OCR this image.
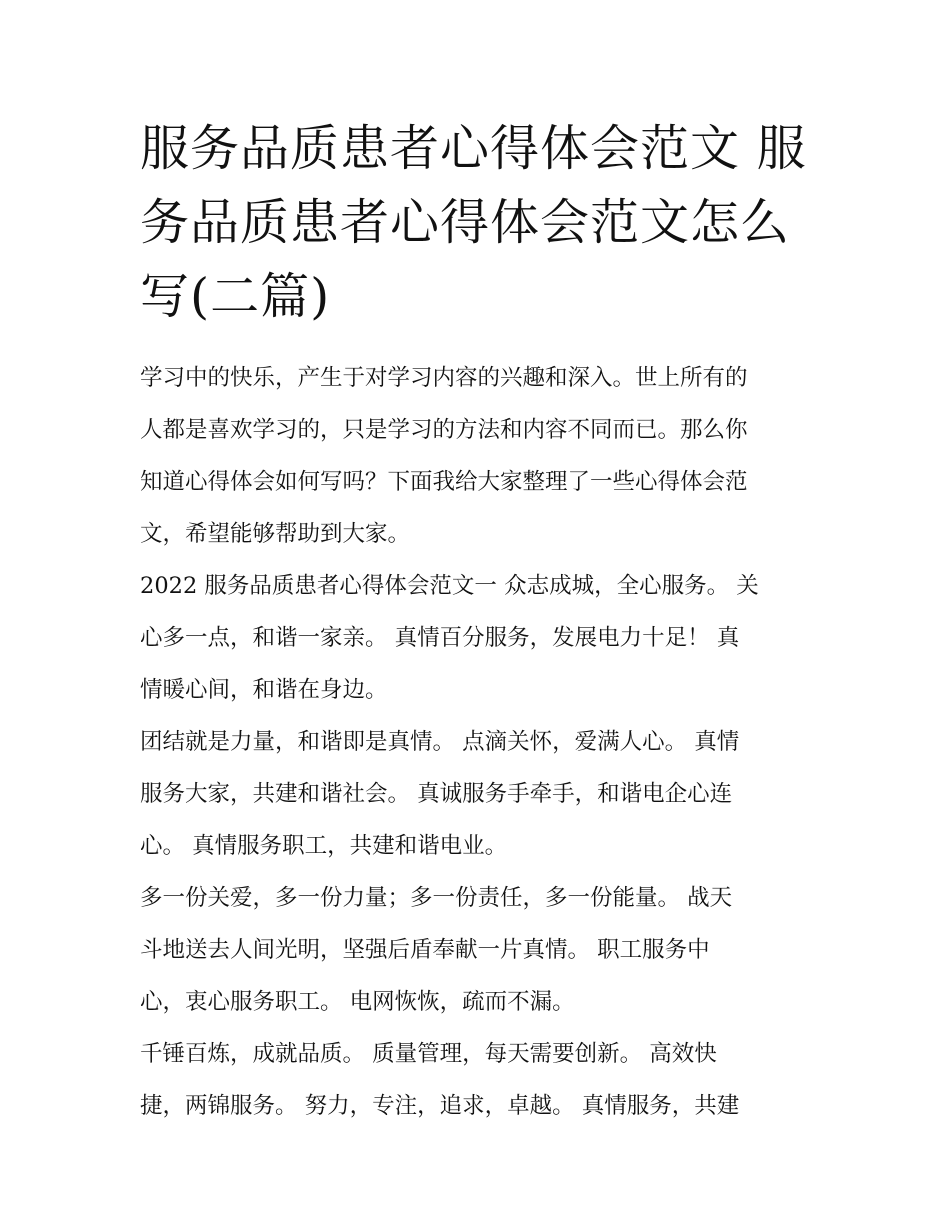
服务品质患者心得体会范文 服
务品质患者心得体会范文怎么
写(二篇)

学习中的快乐，产生于对学习内容的兴趣和深入。世上所有的
人都是喜欢学习的，只是学习的方法和内容不同而已。那么你
知道心得体会如何写吗？下面我给大家整理了一些心得体会范
文，希望能够帮助到大家。

2022 服务品质患者心得体会范文一 众志成城，全心服务。 关
心多一点，和谐一家亲。 真情百分服务，发展电力十足！ 真
情暖心间，和谐在身边。

团结就是力量，和谐即是真情。 点滴关怀，爱满人心。 真情
服务大家，共建和谐社会。 真诚服务手牵手，和谐电企心连
心。 真情服务职工，共建和谐电业。

多一份关爱，多一份力量；多一份责任，多一份能量。 战天
斗地送去人间光明，坚强后盾奉献一片真情。 职工服务中
心，衷心服务职工。 电网恢恢，疏而不漏。

千锤百炼，成就品质。 质量管理，每天需要创新。 高效快
捷，两锦服务。 努力，专注，追求，卓越。 真情服务，共建
